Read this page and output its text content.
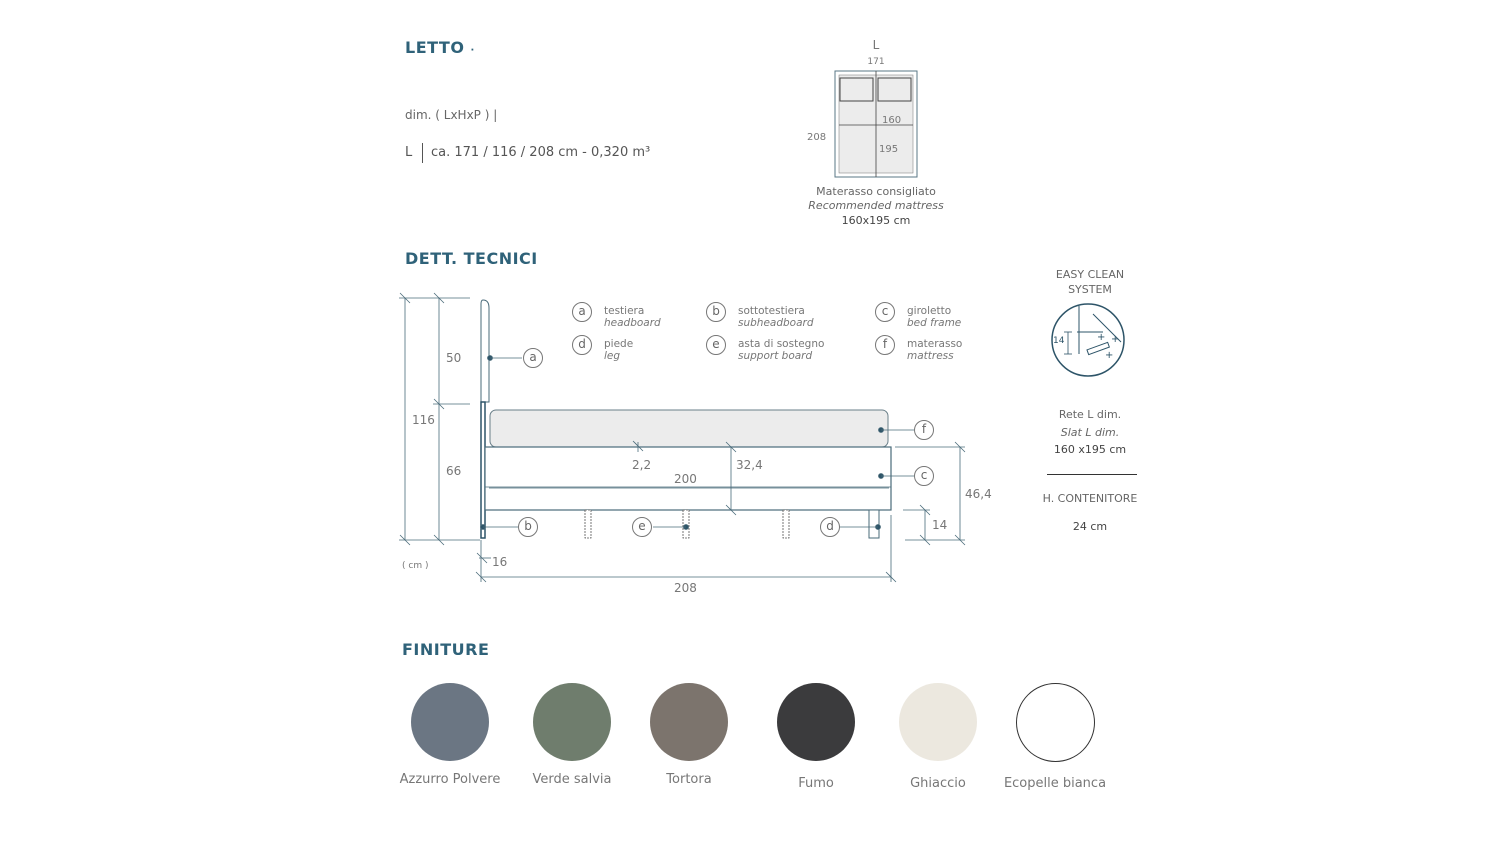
LETTO ·
dim. ( LxHxP ) |
L ca. 171 / 116 / 208 cm - 0,320 m³
L
171
208
160
195
Materasso consigliato
Recommended mattress
160x195 cm
DETT. TECNICI
50
116
66	2,2	32,4
200
46,4
14
16
208
( cm )
a
b
c
d
e
f
a	testiera
headboard
b	sottotestiera
subheadboard
c	giroletto
bed frame
d	piede
leg
e	asta di sostegno
support board
f	materasso
mattress
EASY CLEAN
SYSTEM
+ +
+
14
Rete L dim.
Slat L dim.
160 x195 cm
H. CONTENITORE
24 cm
FINITURE
Azzurro Polvere	Verde salvia	Tortora	Fumo	Ghiaccio	Ecopelle bianca
